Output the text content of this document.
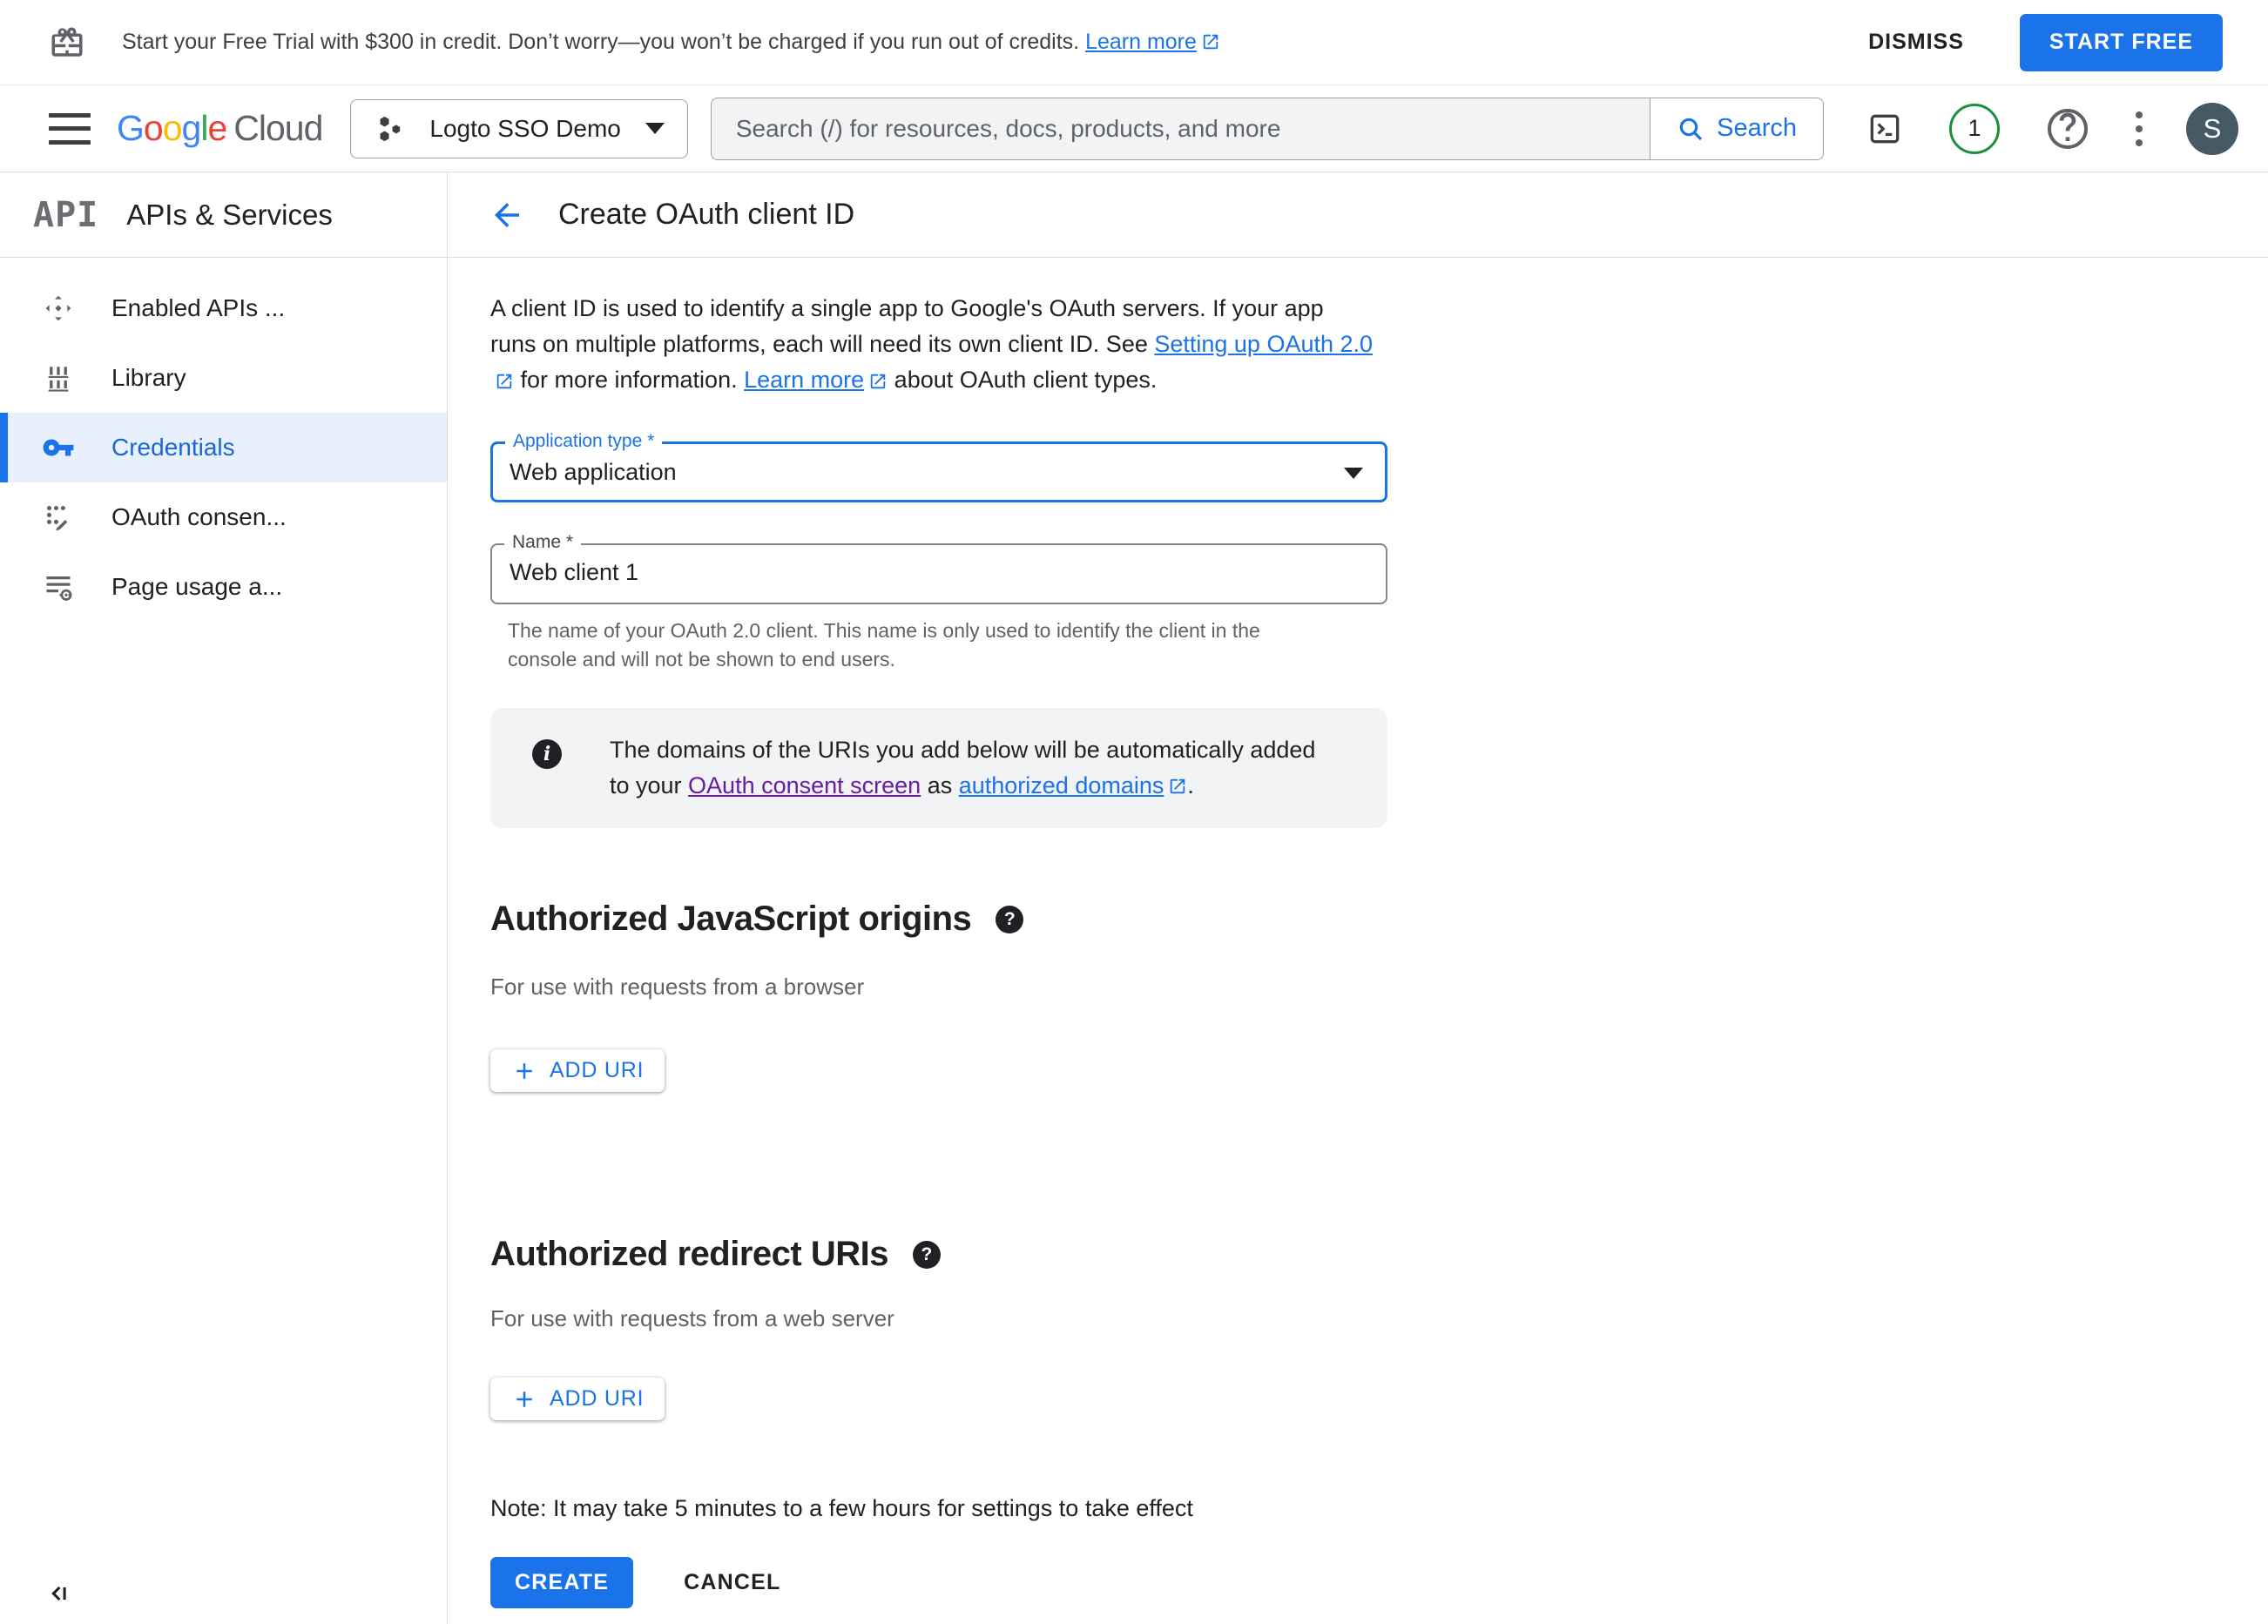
Start your Free Trial with $300 in credit. Don’t worry—you won’t be charged if you run out of credits. Learn more	DISMISS	START FREE
Google Cloud	Logto SSO Demo
Search (/) for resources, docs, products, and more	Search	1	S
API APIs & Services
Enabled APIs ...
Library
Credentials
OAuth consen...
Page usage a...
Create OAuth client ID

A client ID is used to identify a single app to Google's OAuth servers. If your app runs on multiple platforms, each will need its own client ID. See Setting up OAuth 2.0 for more information. Learn more about OAuth client types.

Application type *
Web application
Name *
Web client 1
The name of your OAuth 2.0 client. This name is only used to identify the client in the console and will not be shown to end users.
i	The domains of the URIs you add below will be automatically added to your OAuth consent screen as authorized domains .

Authorized JavaScript origins ?
For use with requests from a browser
ADD URI
Authorized redirect URIs ?
For use with requests from a web server
ADD URI
Note: It may take 5 minutes to a few hours for settings to take effect
CREATE	CANCEL
